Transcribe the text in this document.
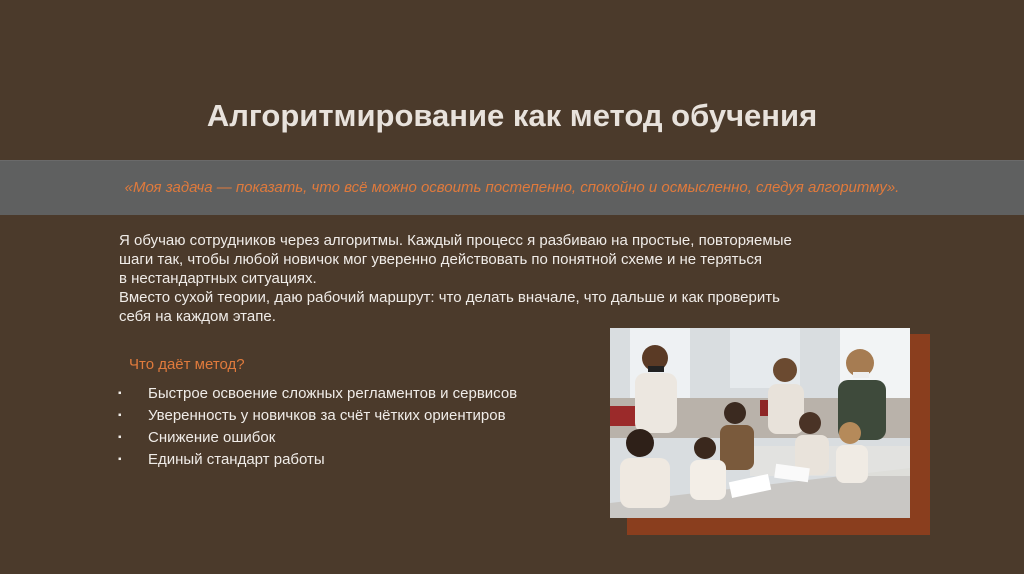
Алгоритмирование как метод обучения
«Моя задача — показать, что всё можно освоить постепенно, спокойно и осмысленно, следуя алгоритму».

Я обучаю сотрудников через алгоритмы. Каждый процесс я разбиваю на простые, повторяемые

шаги так, чтобы любой новичок мог уверенно действовать по понятной схеме и не теряться

в нестандартных ситуациях.

Вместо сухой теории, даю рабочий маршрут: что делать вначале, что дальше и как проверить

себя на каждом этапе.

Что даёт метод?
▪	Быстрое освоение сложных регламентов и сервисов
▪	Уверенность у новичков за счёт чётких ориентиров
▪	Снижение ошибок
▪	Единый стандарт работы
